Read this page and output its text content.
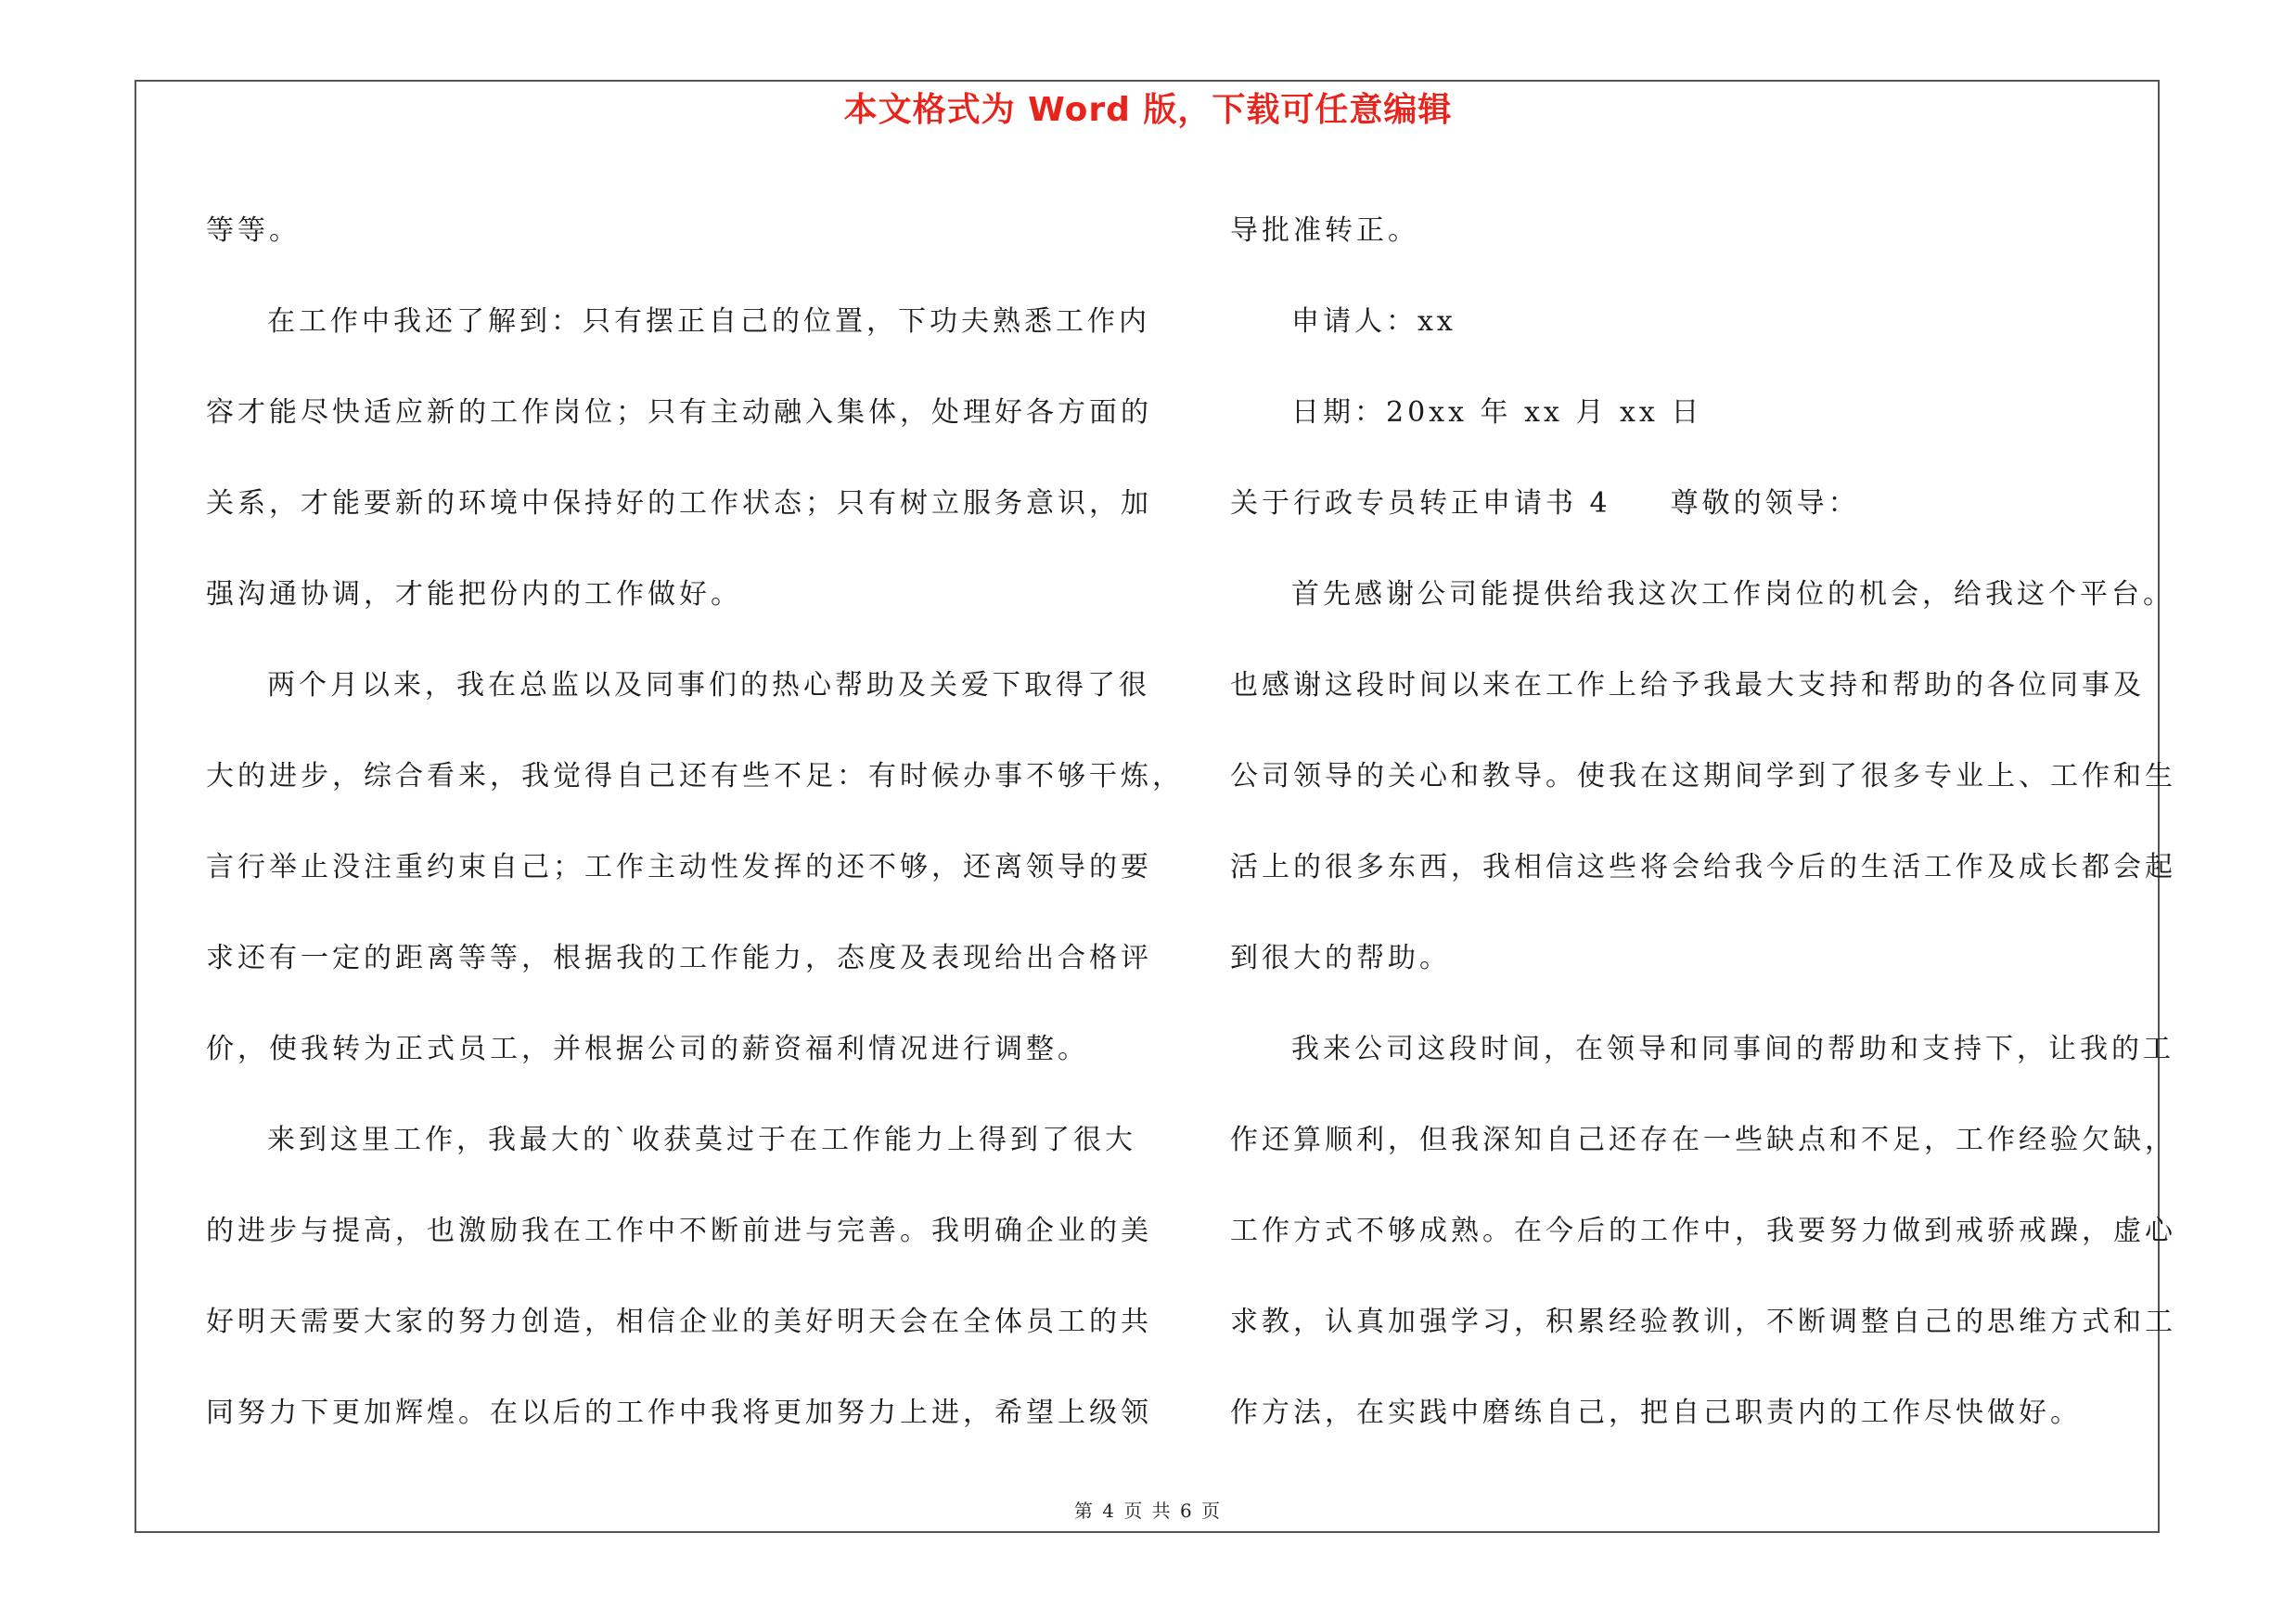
本文格式为 Word 版，下载可任意编辑
等等。
在工作中我还了解到：只有摆正自己的位置，下功夫熟悉工作内
容才能尽快适应新的工作岗位；只有主动融入集体，处理好各方面的
关系，才能要新的环境中保持好的工作状态；只有树立服务意识，加
强沟通协调，才能把份内的工作做好。
两个月以来，我在总监以及同事们的热心帮助及关爱下取得了很
大的进步，综合看来，我觉得自己还有些不足：有时候办事不够干炼，
言行举止没注重约束自己；工作主动性发挥的还不够，还离领导的要
求还有一定的距离等等，根据我的工作能力，态度及表现给出合格评
价，使我转为正式员工，并根据公司的薪资福利情况进行调整。
来到这里工作，我最大的`收获莫过于在工作能力上得到了很大
的进步与提高，也激励我在工作中不断前进与完善。我明确企业的美
好明天需要大家的努力创造，相信企业的美好明天会在全体员工的共
同努力下更加辉煌。在以后的工作中我将更加努力上进，希望上级领
导批准转正。
申请人：xx
日期：20xx 年 xx 月 xx 日
关于行政专员转正申请书 4 尊敬的领导：
首先感谢公司能提供给我这次工作岗位的机会，给我这个平台。
也感谢这段时间以来在工作上给予我最大支持和帮助的各位同事及
公司领导的关心和教导。使我在这期间学到了很多专业上、工作和生
活上的很多东西，我相信这些将会给我今后的生活工作及成长都会起
到很大的帮助。
我来公司这段时间，在领导和同事间的帮助和支持下，让我的工
作还算顺利，但我深知自己还存在一些缺点和不足，工作经验欠缺，
工作方式不够成熟。在今后的工作中，我要努力做到戒骄戒躁，虚心
求教，认真加强学习，积累经验教训，不断调整自己的思维方式和工
作方法，在实践中磨练自己，把自己职责内的工作尽快做好。
第 4 页 共 6 页
